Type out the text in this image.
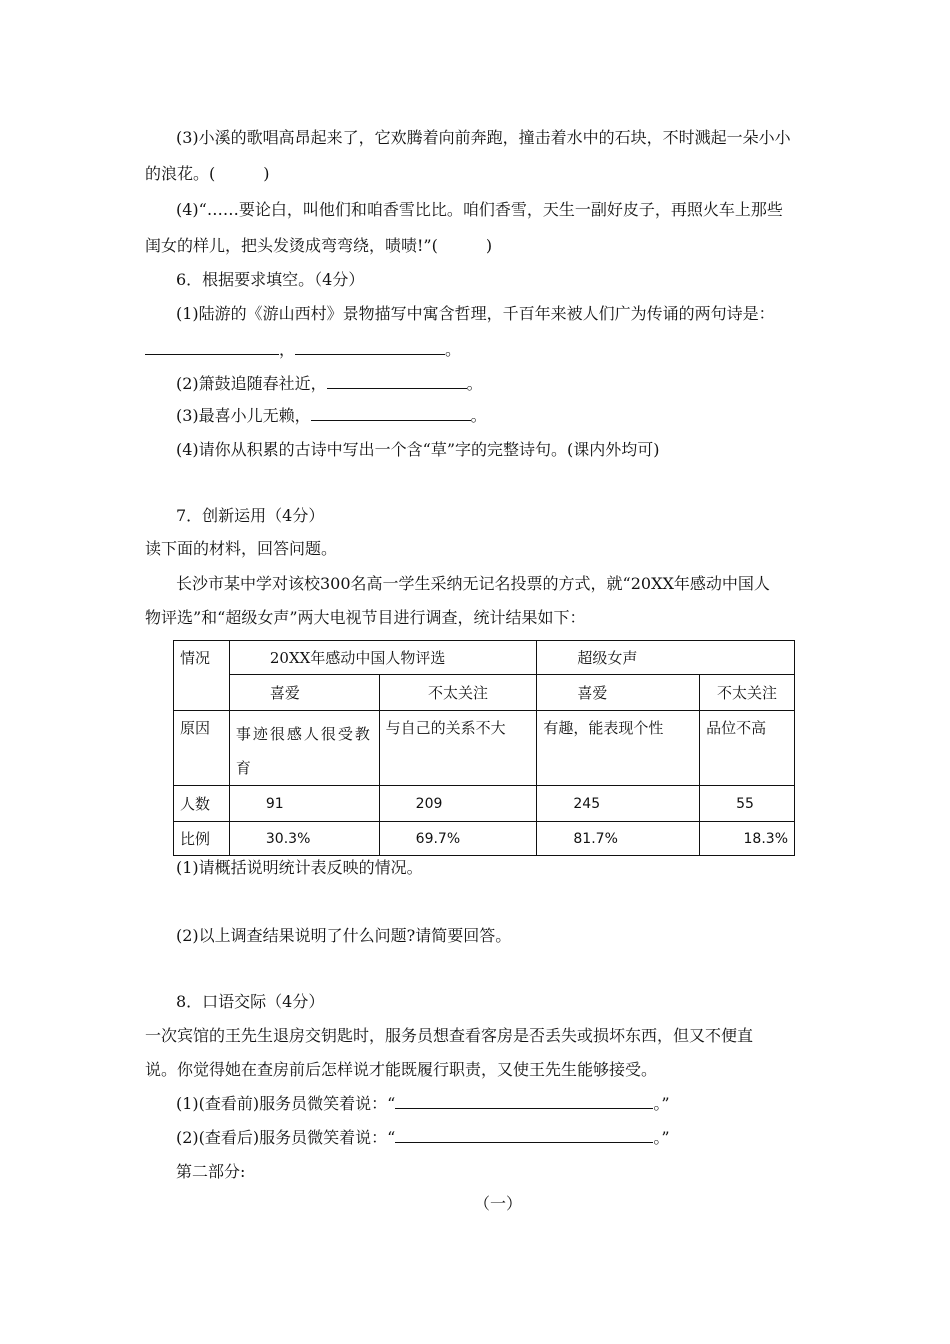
(3)小溪的歌唱高昂起来了，它欢腾着向前奔跑，撞击着水中的石块，不时溅起一朵小小
的浪花。(　　　)
(4)“……要论白，叫他们和咱香雪比比。咱们香雪，天生一副好皮子，再照火车上那些
闺女的样儿，把头发烫成弯弯绕，啧啧!”(　　　)
6．根据要求填空。（4分）
(1)陆游的《游山西村》景物描写中寓含哲理，千百年来被人们广为传诵的两句诗是：
，	。
(2)箫鼓追随春社近，	。
(3)最喜小儿无赖，	。
(4)请你从积累的古诗中写出一个含“草”字的完整诗句。(课内外均可)
7．创新运用（4分）
读下面的材料，回答问题。
长沙市某中学对该校300名高一学生采纳无记名投票的方式，就“20XX年感动中国人
物评选”和“超级女声”两大电视节目进行调查，统计结果如下：
情况	20XX年感动中国人物评选		超级女声	
	喜爱	不太关注	喜爱	不太关注
原因	事迹很感人很受教育	与自己的关系不大	有趣，能表现个性	品位不高
人数	91	209	245	55
比例	30.3%	69.7%	81.7%	18.3%
(1)请概括说明统计表反映的情况。
(2)以上调查结果说明了什么问题?请简要回答。
8．口语交际（4分）
一次宾馆的王先生退房交钥匙时，服务员想查看客房是否丢失或损坏东西，但又不便直
说。你觉得她在查房前后怎样说才能既履行职责，又使王先生能够接受。
(1)(查看前)服务员微笑着说：“	。”
(2)(查看后)服务员微笑着说：“	。”
第二部分:
（一）
